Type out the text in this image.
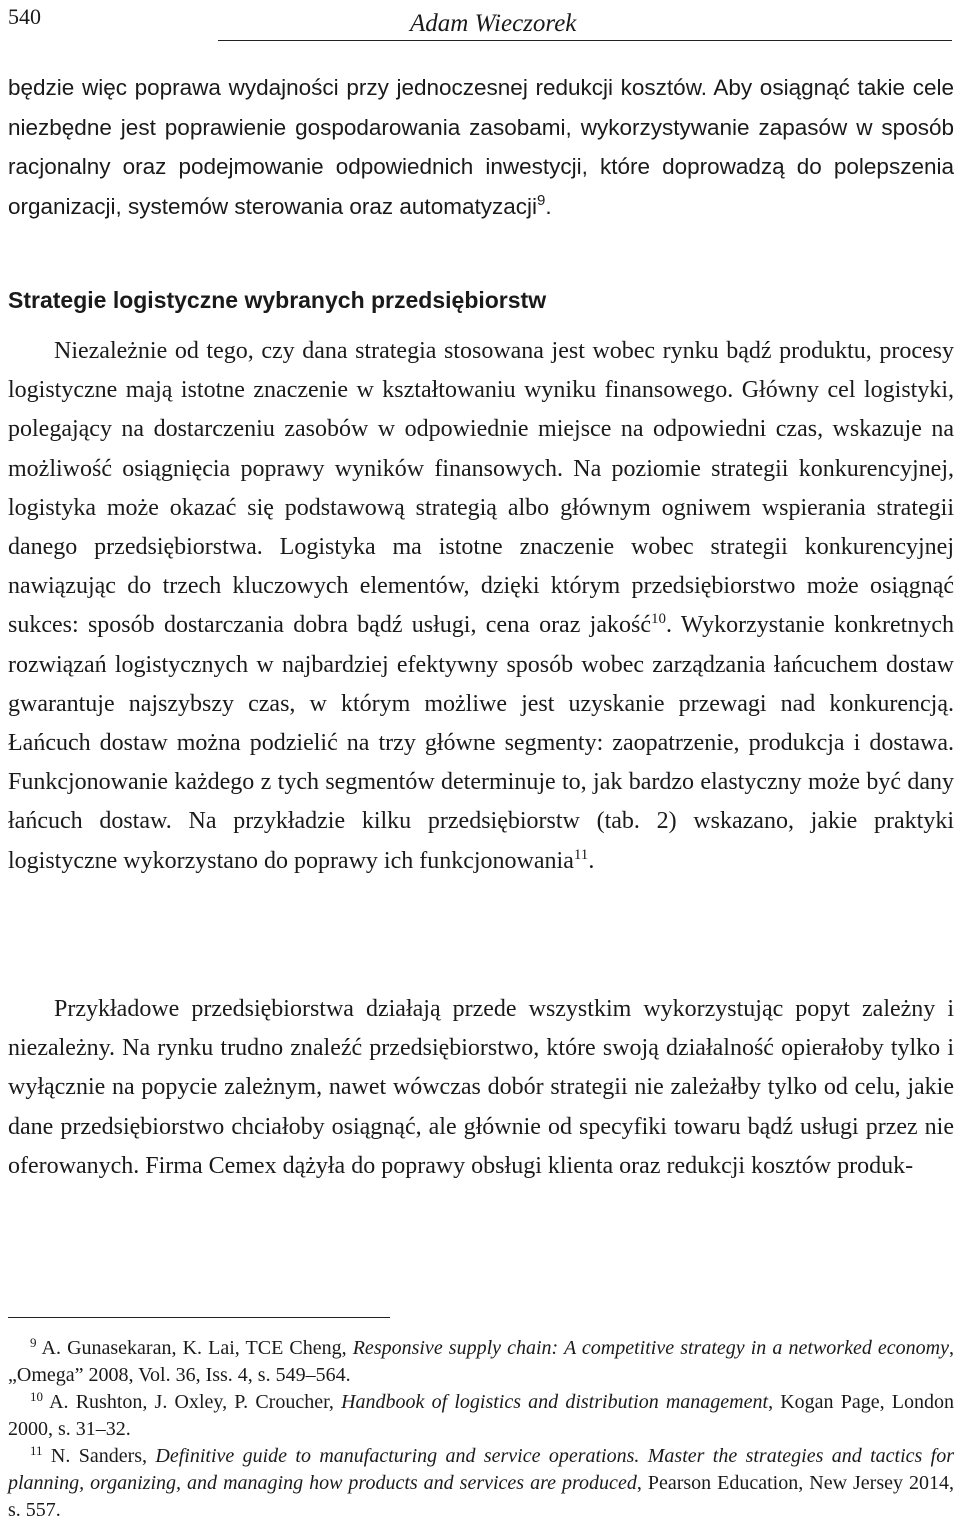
540	Adam Wieczorek

będzie więc poprawa wydajności przy jednoczesnej redukcji kosztów. Aby osiągnąć takie cele niezbędne jest poprawienie gospodarowania zasobami, wykorzystywanie zapasów w sposób racjonalny oraz podejmowanie odpowiednich inwestycji, które doprowadzą do polepszenia organizacji, systemów sterowania oraz automatyzacji$^9$.

Strategie logistyczne wybranych przedsiębiorstw

Niezależnie od tego, czy dana strategia stosowana jest wobec rynku bądź produktu, procesy logistyczne mają istotne znaczenie w kształtowaniu wyniku finansowego. Główny cel logistyki, polegający na dostarczeniu zasobów w odpowiednie miejsce na odpowiedni czas, wskazuje na możliwość osiągnięcia poprawy wyników finansowych. Na poziomie strategii konkurencyjnej, logistyka może okazać się podstawową strategią albo głównym ogniwem wspierania strategii danego przedsiębiorstwa. Logistyka ma istotne znaczenie wobec strategii konkurencyjnej nawiązując do trzech kluczowych elementów, dzięki którym przedsiębiorstwo może osiągnąć sukces: sposób dostarczania dobra bądź usługi, cena oraz jakość$^{10}$. Wykorzystanie konkretnych rozwiązań logistycznych w najbardziej efektywny sposób wobec zarządzania łańcuchem dostaw gwarantuje najszybszy czas, w którym możliwe jest uzyskanie przewagi nad konkurencją. Łańcuch dostaw można podzielić na trzy główne segmenty: zaopatrzenie, produkcja i dostawa. Funkcjonowanie każdego z tych segmentów determinuje to, jak bardzo elastyczny może być dany łańcuch dostaw. Na przykładzie kilku przedsiębiorstw (tab. 2) wskazano, jakie praktyki logistyczne wykorzystano do poprawy ich funkcjonowania$^{11}$.

Przykładowe przedsiębiorstwa działają przede wszystkim wykorzystując popyt zależny i niezależny. Na rynku trudno znaleźć przedsiębiorstwo, które swoją działalność opierałoby tylko i wyłącznie na popycie zależnym, nawet wówczas dobór strategii nie zależałby tylko od celu, jakie dane przedsiębiorstwo chciałoby osiągnąć, ale głównie od specyfiki towaru bądź usługi przez nie oferowanych. Firma Cemex dążyła do poprawy obsługi klienta oraz redukcji kosztów produk-

$^9$ A. Gunasekaran, K. Lai, TCE Cheng, Responsive supply chain: A competitive strategy in a networked economy, „Omega” 2008, Vol. 36, Iss. 4, s. 549–564.

$^{10}$ A. Rushton, J. Oxley, P. Croucher, Handbook of logistics and distribution management, Kogan Page, London 2000, s. 31–32.

$^{11}$ N. Sanders, Definitive guide to manufacturing and service operations. Master the strategies and tactics for planning, organizing, and managing how products and services are produced, Pearson Education, New Jersey 2014, s. 557.
